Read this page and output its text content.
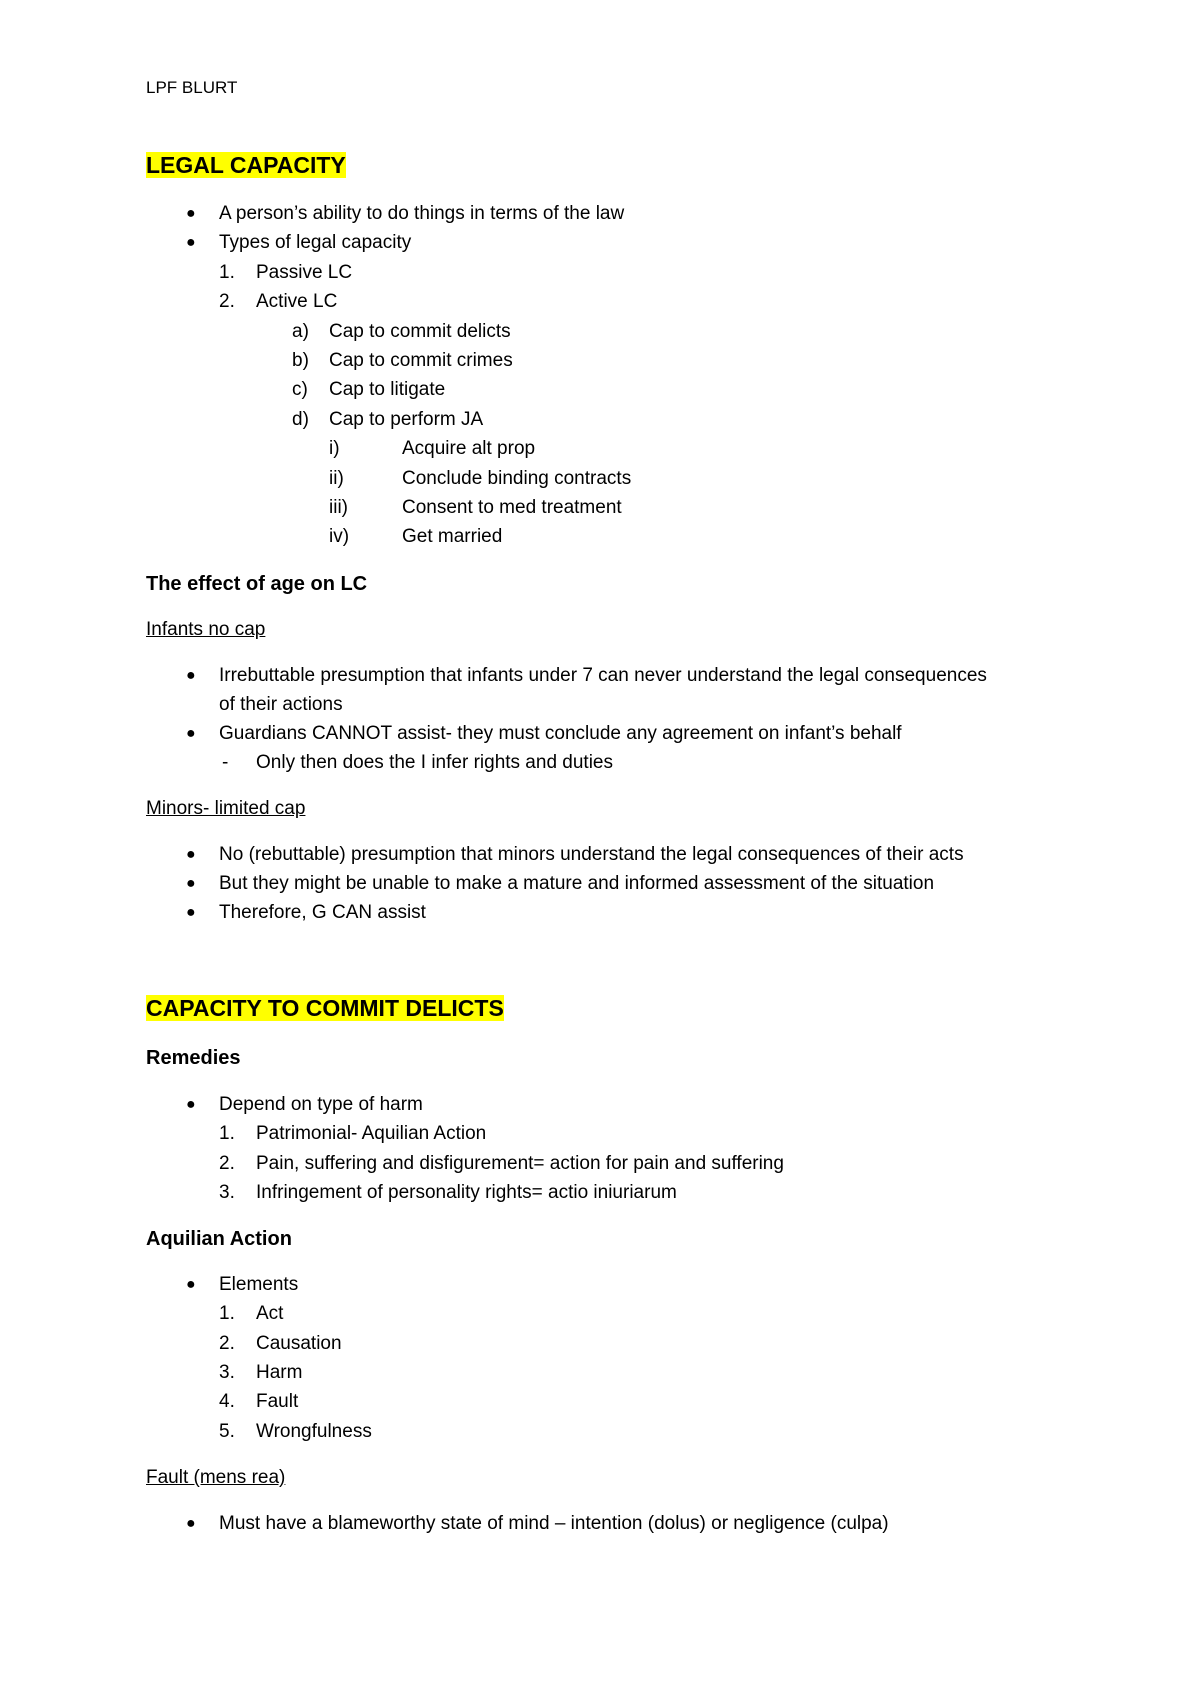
LPF BLURT
LEGAL CAPACITY
● A person’s ability to do things in terms of the law
● Types of legal capacity
1. Passive LC
2. Active LC
a) Cap to commit delicts
b) Cap to commit crimes
c) Cap to litigate
d) Cap to perform JA
i)	Acquire alt prop
ii)	Conclude binding contracts
iii)	Consent to med treatment
iv)	Get married
The effect of age on LC
Infants no cap
● Irrebuttable presumption that infants under 7 can never understand the legal consequences
of their actions
● Guardians CANNOT assist- they must conclude any agreement on infant’s behalf
- Only then does the I infer rights and duties
Minors- limited cap
● No (rebuttable) presumption that minors understand the legal consequences of their acts
● But they might be unable to make a mature and informed assessment of the situation
● Therefore, G CAN assist
CAPACITY TO COMMIT DELICTS
Remedies
● Depend on type of harm
1. Patrimonial- Aquilian Action
2. Pain, suffering and disfigurement= action for pain and suffering
3. Infringement of personality rights= actio iniuriarum
Aquilian Action
● Elements
1. Act
2. Causation
3. Harm
4. Fault
5. Wrongfulness
Fault (mens rea)
● Must have a blameworthy state of mind – intention (dolus) or negligence (culpa)
